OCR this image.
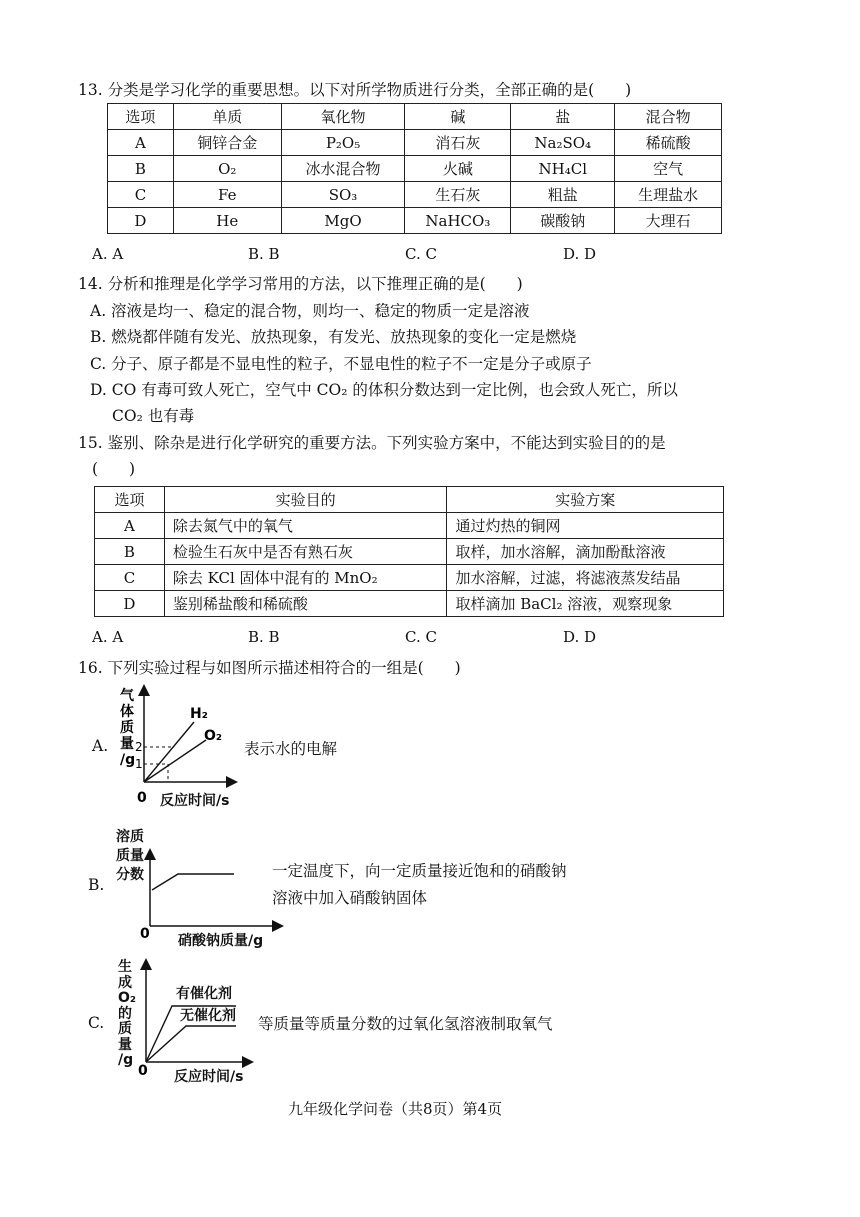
13. 分类是学习化学的重要思想。以下对所学物质进行分类，全部正确的是(　　)
选项	单质	氧化物	碱	盐	混合物
A	铜锌合金	P₂O₅	消石灰	Na₂SO₄	稀硫酸
B	O₂	冰水混合物	火碱	NH₄Cl	空气
C	Fe	SO₃	生石灰	粗盐	生理盐水
D	He	MgO	NaHCO₃	碳酸钠	大理石
A. A	B. B	C. C	D. D
14. 分析和推理是化学学习常用的方法，以下推理正确的是(　　)
A. 溶液是均一、稳定的混合物，则均一、稳定的物质一定是溶液
B. 燃烧都伴随有发光、放热现象，有发光、放热现象的变化一定是燃烧
C. 分子、原子都是不显电性的粒子，不显电性的粒子不一定是分子或原子
D. CO 有毒可致人死亡，空气中 CO₂ 的体积分数达到一定比例，也会致人死亡，所以
CO₂ 也有毒
15. 鉴别、除杂是进行化学研究的重要方法。下列实验方案中，不能达到实验目的的是
(　　)
选项	实验目的	实验方案
A	除去氮气中的氧气	通过灼热的铜网
B	检验生石灰中是否有熟石灰	取样，加水溶解，滴加酚酞溶液
C	除去 KCl 固体中混有的 MnO₂	加水溶解，过滤，将滤液蒸发结晶
D	鉴别稀盐酸和稀硫酸	取样滴加 BaCl₂ 溶液，观察现象
A. A	B. B	C. C	D. D
16. 下列实验过程与如图所示描述相符合的一组是(　　)
A. 2
1
0
H₂
O₂
气
体
质
量
/g
反应时间/s
表示水的电解
B.
0
溶质
质量
分数
硝酸钠质量/g
一定温度下，向一定质量接近饱和的硝酸钠
溶液中加入硝酸钠固体
C.
0
生
成
O₂
的
质
量
/g
有催化剂
无催化剂
反应时间/s
等质量等质量分数的过氧化氢溶液制取氧气
九年级化学问卷（共8页）第4页
